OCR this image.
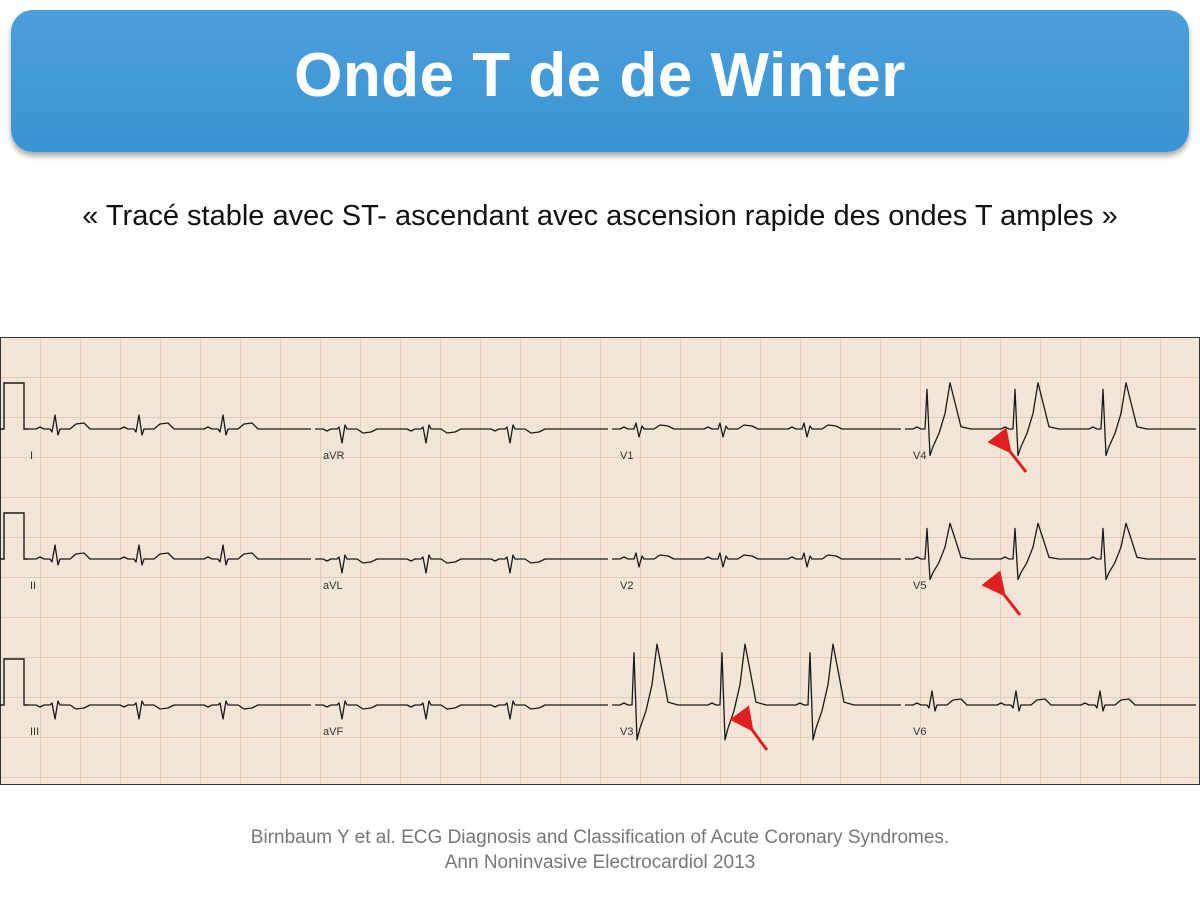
Onde T de de Winter
« Tracé stable avec ST- ascendant avec ascension rapide des ondes T amples »
I	aVR	V1	V4
II	aVL	V2	V5
III	aVF	V3	V6
Birnbaum Y et al. ECG Diagnosis and Classification of Acute Coronary Syndromes.
Ann Noninvasive Electrocardiol 2013
